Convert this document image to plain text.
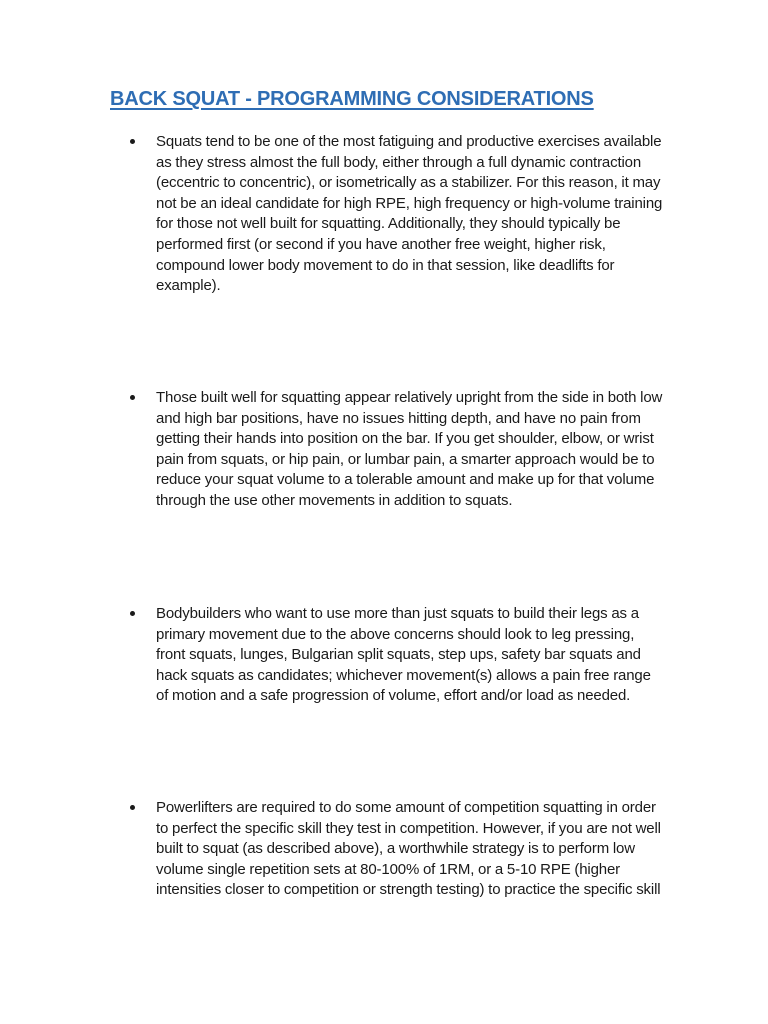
BACK SQUAT - PROGRAMMING CONSIDERATIONS

Squats tend to be one of the most fatiguing and productive exercises available as they stress almost the full body, either through a full dynamic contraction (eccentric to concentric), or isometrically as a stabilizer. For this reason, it may not be an ideal candidate for high RPE, high frequency or high-volume training for those not well built for squatting. Additionally, they should typically be performed first (or second if you have another free weight, higher risk, compound lower body movement to do in that session, like deadlifts for example).

Those built well for squatting appear relatively upright from the side in both low and high bar positions, have no issues hitting depth, and have no pain from getting their hands into position on the bar. If you get shoulder, elbow, or wrist pain from squats, or hip pain, or lumbar pain, a smarter approach would be to reduce your squat volume to a tolerable amount and make up for that volume through the use other movements in addition to squats.

Bodybuilders who want to use more than just squats to build their legs as a primary movement due to the above concerns should look to leg pressing, front squats, lunges, Bulgarian split squats, step ups, safety bar squats and hack squats as candidates; whichever movement(s) allows a pain free range of motion and a safe progression of volume, effort and/or load as needed.

Powerlifters are required to do some amount of competition squatting in order to perfect the specific skill they test in competition. However, if you are not well built to squat (as described above), a worthwhile strategy is to perform low volume single repetition sets at 80-100% of 1RM, or a 5-10 RPE (higher intensities closer to competition or strength testing) to practice the specific skill
